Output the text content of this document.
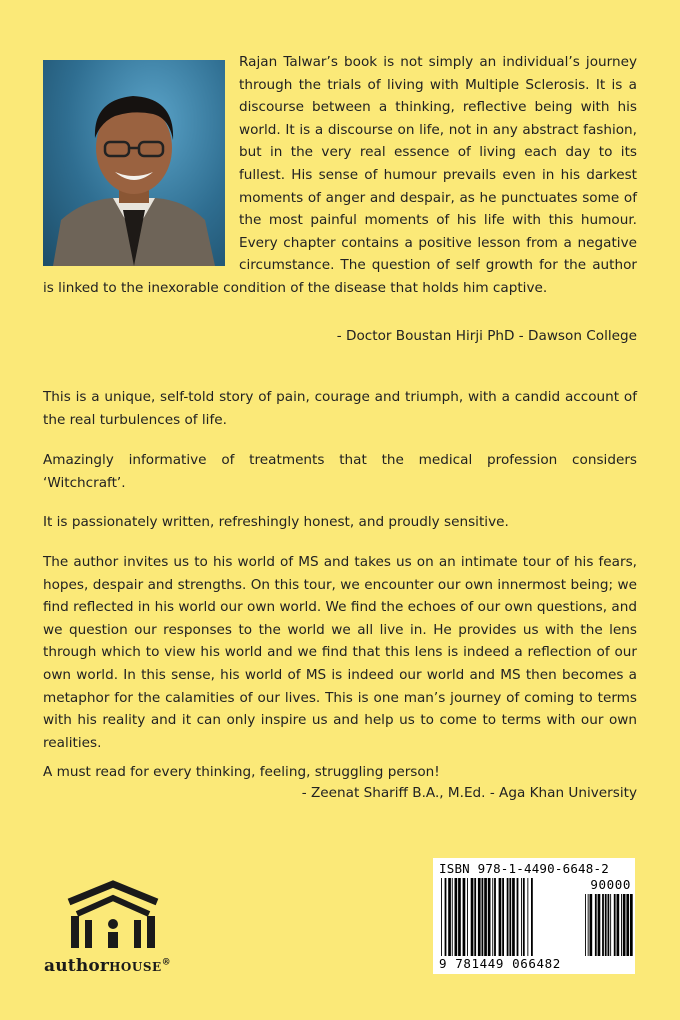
Rajan Talwar’s book is not simply an individual’s journey through the trials of living with Multiple Sclerosis. It is a discourse between a thinking, reflective being with his world. It is a discourse on life, not in any abstract fashion, but in the very real essence of living each day to its fullest. His sense of humour prevails even in his darkest moments of anger and despair, as he punctuates some of the most painful moments of his life with this humour. Every chapter contains a positive lesson from a negative circumstance. The question of self growth for the author is linked to the inexorable condition of the disease that holds him captive.

- Doctor Boustan Hirji PhD - Dawson College

This is a unique, self-told story of pain, courage and triumph, with a candid account of the real turbulences of life.

Amazingly informative of treatments that the medical profession considers ‘Witchcraft’.

It is passionately written, refreshingly honest, and proudly sensitive.

The author invites us to his world of MS and takes us on an intimate tour of his fears, hopes, despair and strengths. On this tour, we encounter our own innermost being; we find reflected in his world our own world. We find the echoes of our own questions, and we question our responses to the world we all live in. He provides us with the lens through which to view his world and we find that this lens is indeed a reflection of our own world. In this sense, his world of MS is indeed our world and MS then becomes a metaphor for the calamities of our lives. This is one man’s journey of coming to terms with his reality and it can only inspire us and help us to come to terms with our own realities.

A must read for every thinking, feeling, struggling person!

- Zeenat Shariff B.A., M.Ed. - Aga Khan University
authorHOUSE®
ISBN 978-1-4490-6648-2
90000
9 781449 066482
